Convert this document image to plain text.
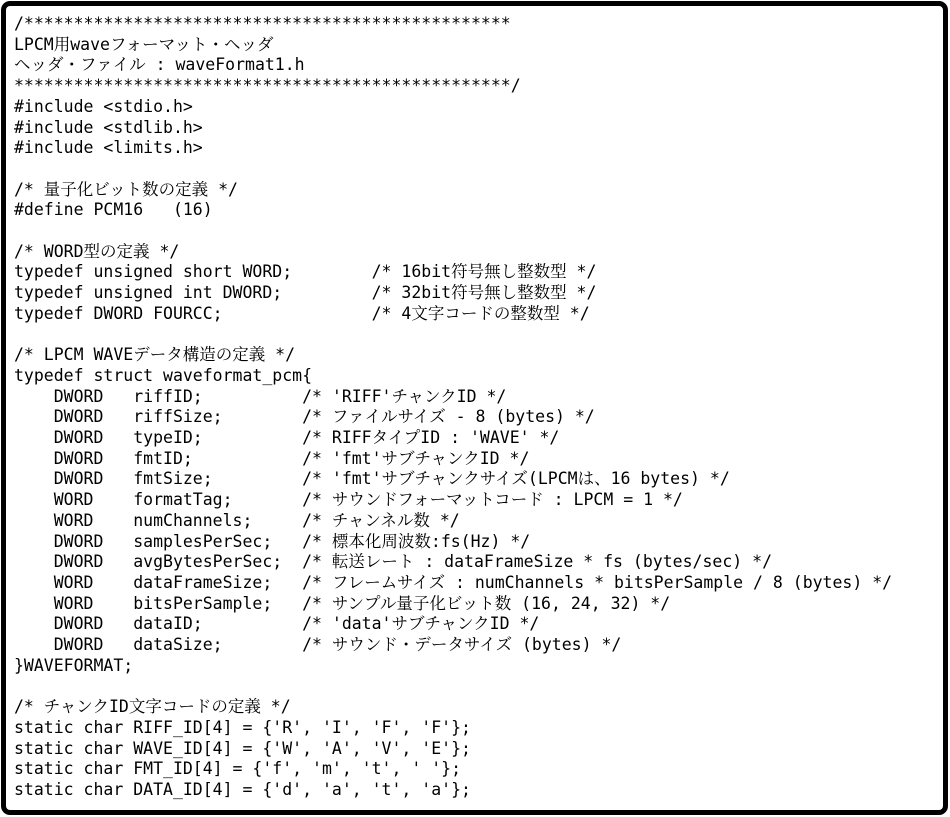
/*************************************************
LPCM用waveフォーマット・ヘッダ
ヘッダ・ファイル : waveFormat1.h
**************************************************/
#include <stdio.h>
#include <stdlib.h>
#include <limits.h>

/* 量子化ビット数の定義 */
#define PCM16   (16)

/* WORD型の定義 */
typedef unsigned short WORD;        /* 16bit符号無し整数型 */
typedef unsigned int DWORD;         /* 32bit符号無し整数型 */
typedef DWORD FOURCC;               /* 4文字コードの整数型 */

/* LPCM WAVEデータ構造の定義 */
typedef struct waveformat_pcm{
DWORD   riffID;          /* 'RIFF'チャンクID */
DWORD   riffSize;        /* ファイルサイズ - 8 (bytes) */
DWORD   typeID;          /* RIFFタイプID : 'WAVE' */
DWORD   fmtID;           /* 'fmt'サブチャンクID */
DWORD   fmtSize;         /* 'fmt'サブチャンクサイズ(LPCMは、16 bytes) */
WORD    formatTag;       /* サウンドフォーマットコード : LPCM = 1 */
WORD    numChannels;     /* チャンネル数 */
DWORD   samplesPerSec;   /* 標本化周波数:fs(Hz) */
DWORD   avgBytesPerSec;  /* 転送レート : dataFrameSize * fs (bytes/sec) */
WORD    dataFrameSize;   /* フレームサイズ : numChannels * bitsPerSample / 8 (bytes) */
WORD    bitsPerSample;   /* サンプル量子化ビット数 (16, 24, 32) */
DWORD   dataID;          /* 'data'サブチャンクID */
DWORD   dataSize;        /* サウンド・データサイズ (bytes) */
}WAVEFORMAT;

/* チャンクID文字コードの定義 */
static char RIFF_ID[4] = {'R', 'I', 'F', 'F'};
static char WAVE_ID[4] = {'W', 'A', 'V', 'E'};
static char FMT_ID[4] = {'f', 'm', 't', ' '};
static char DATA_ID[4] = {'d', 'a', 't', 'a'};
